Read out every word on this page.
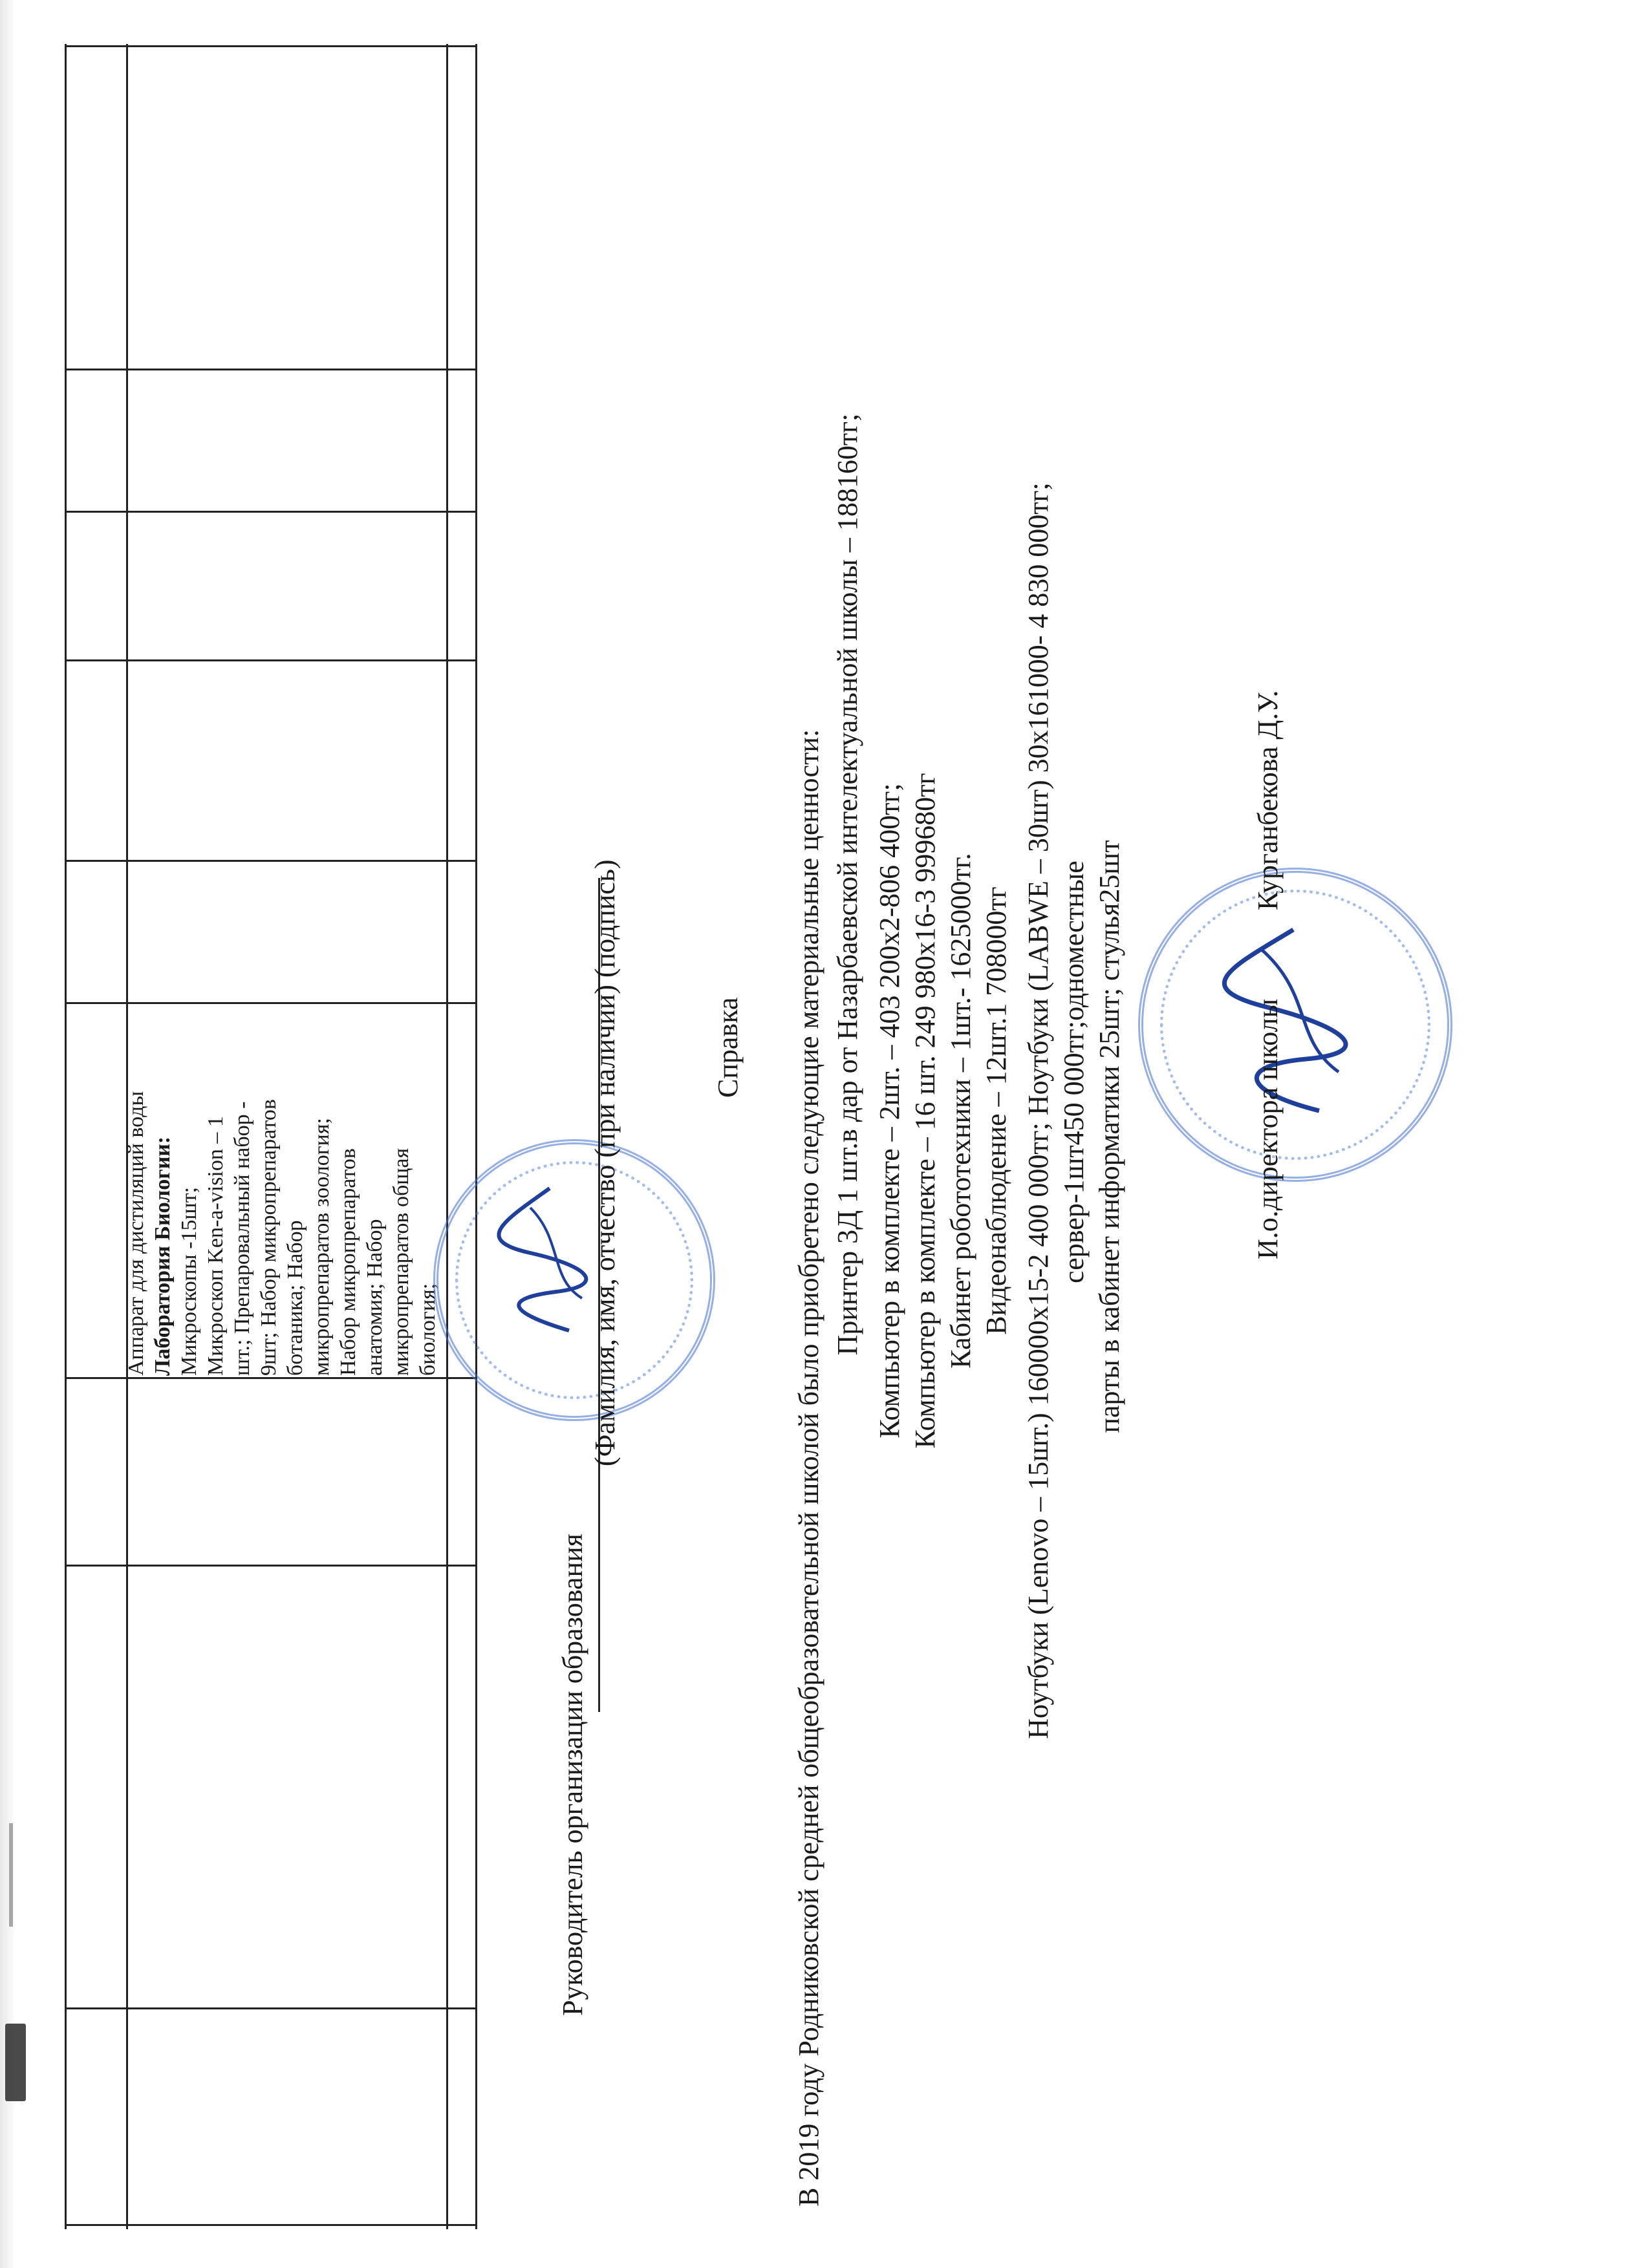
Аппарат для дистиляций воды Лаборатория Биологии: Микроскопы -15шт; Микроскоп Ken-a-vision – 1 шт.; Препаровальный набор - 9шт; Набор микропрепаратов ботаника; Набор микропрепаратов зоология; Набор микропрепаратов анатомия; Набор микропрепаратов общая биология;
Руководитель организации образования
(Фамилия, имя, отчество (при наличии) (подпись)	Справка В 2019 году Родниковской средней общеобразовательной школой было приобретено следующие материальные ценности: Принтер 3Д 1 шт.в дар от Назарбаевской интелектуальной школы – 188160тг; Компьютер в комплекте – 2шт. – 403 200х2-806 400тг; Компьютер в комплекте – 16 шт. 249 980х16-3 999680тг Кабинет робототехники – 1шт.- 1625000тг. Видеонаблюдение – 12шт.1 708000тг Ноутбуки (Lenovo – 15шт.) 160000х15-2 400 000тг; Ноутбуки (LABWE – 30шт) 30х161000- 4 830 000тг; сервер-1шт450 000тг;одноместные парты в кабинет информатики 25шт; стулья25шт	И.о.директора школы
Курганбекова Д.У.
